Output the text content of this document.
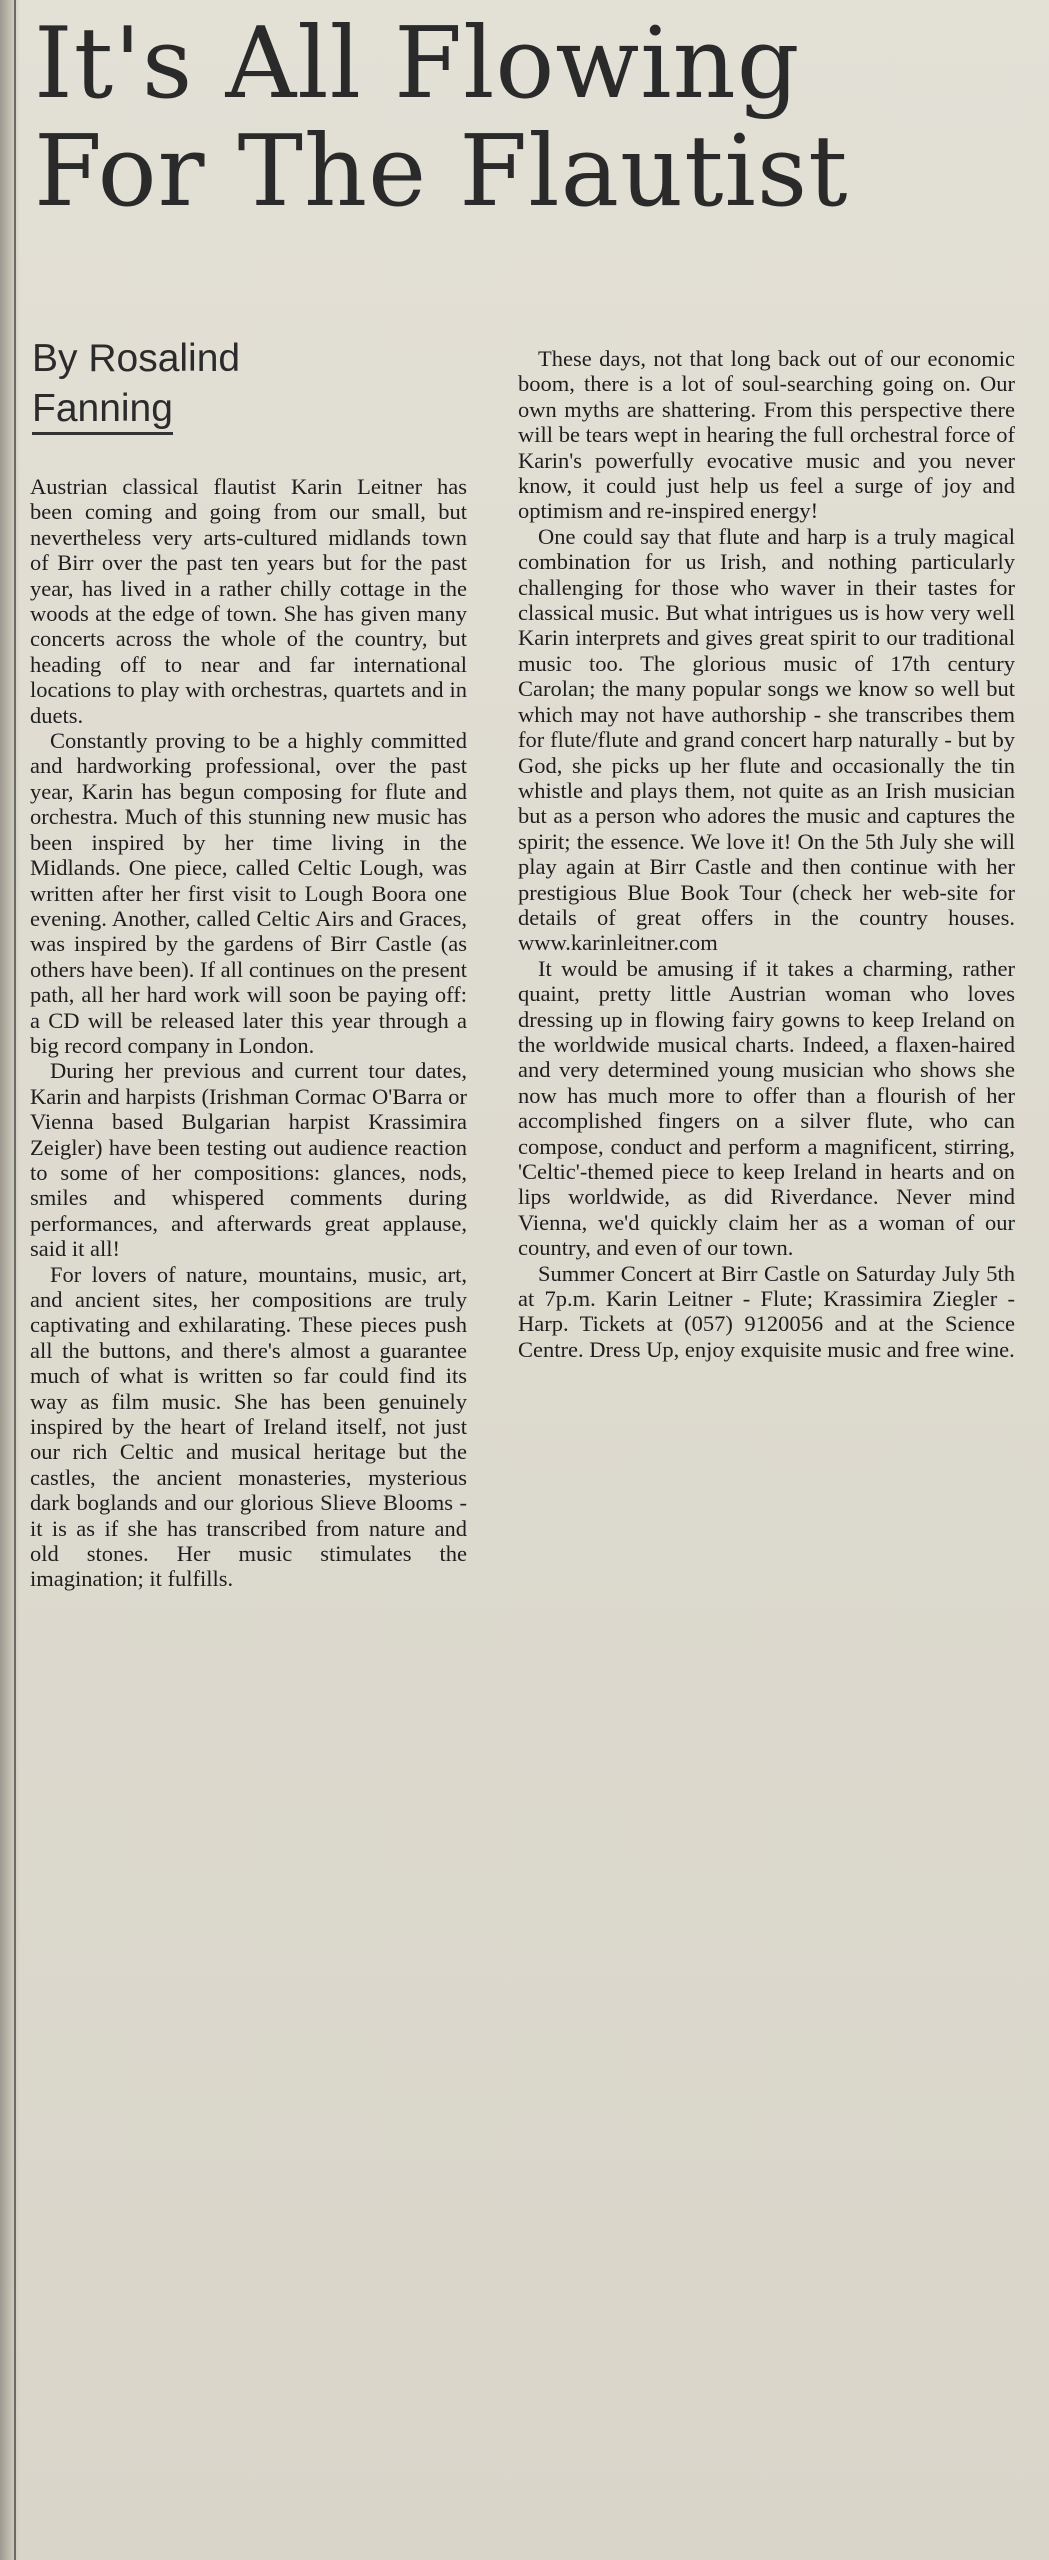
It's All Flowing
For The Flautist
By Rosalind
Fanning

Austrian classical flautist Karin Leitner has been coming and going from our small, but nevertheless very arts-cultured midlands town of Birr over the past ten years but for the past year, has lived in a rather chilly cottage in the woods at the edge of town. She has given many concerts across the whole of the country, but heading off to near and far international locations to play with orchestras, quartets and in duets.

Constantly proving to be a highly committed and hardworking professional, over the past year, Karin has begun composing for flute and orchestra. Much of this stunning new music has been inspired by her time living in the Midlands. One piece, called Celtic Lough, was written after her first visit to Lough Boora one evening. Another, called Celtic Airs and Graces, was inspired by the gardens of Birr Castle (as others have been). If all continues on the present path, all her hard work will soon be paying off: a CD will be released later this year through a big record company in London.

During her previous and current tour dates, Karin and harpists (Irishman Cormac O'Barra or Vienna based Bulgarian harpist Krassimira Zeigler) have been testing out audience reaction to some of her compositions: glances, nods, smiles and whispered comments during performances, and afterwards great applause, said it all!

For lovers of nature, mountains, music, art, and ancient sites, her compositions are truly captivating and exhilarating. These pieces push all the buttons, and there's almost a guarantee much of what is written so far could find its way as film music. She has been genuinely inspired by the heart of Ireland itself, not just our rich Celtic and musical heritage but the castles, the ancient monasteries, mysterious dark boglands and our glorious Slieve Blooms - it is as if she has transcribed from nature and old stones. Her music stimulates the imagination; it fulfills.

These days, not that long back out of our economic boom, there is a lot of soul-searching going on. Our own myths are shattering. From this perspective there will be tears wept in hearing the full orchestral force of Karin's powerfully evocative music and you never know, it could just help us feel a surge of joy and optimism and re-inspired energy!

One could say that flute and harp is a truly magical combination for us Irish, and nothing particularly challenging for those who waver in their tastes for classical music. But what intrigues us is how very well Karin interprets and gives great spirit to our traditional music too. The glorious music of 17th century Carolan; the many popular songs we know so well but which may not have authorship - she transcribes them for flute/flute and grand concert harp naturally - but by God, she picks up her flute and occasionally the tin whistle and plays them, not quite as an Irish musician but as a person who adores the music and captures the spirit; the essence. We love it! On the 5th July she will play again at Birr Castle and then continue with her prestigious Blue Book Tour (check her web-site for details of great offers in the country houses. www.karinleitner.com

It would be amusing if it takes a charming, rather quaint, pretty little Austrian woman who loves dressing up in flowing fairy gowns to keep Ireland on the worldwide musical charts. Indeed, a flaxen-haired and very determined young musician who shows she now has much more to offer than a flourish of her accomplished fingers on a silver flute, who can compose, conduct and perform a magnificent, stirring, 'Celtic'-themed piece to keep Ireland in hearts and on lips worldwide, as did Riverdance. Never mind Vienna, we'd quickly claim her as a woman of our country, and even of our town.

Summer Concert at Birr Castle on Saturday July 5th at 7p.m. Karin Leitner - Flute; Krassimira Ziegler - Harp. Tickets at (057) 9120056 and at the Science Centre. Dress Up, enjoy exquisite music and free wine.
